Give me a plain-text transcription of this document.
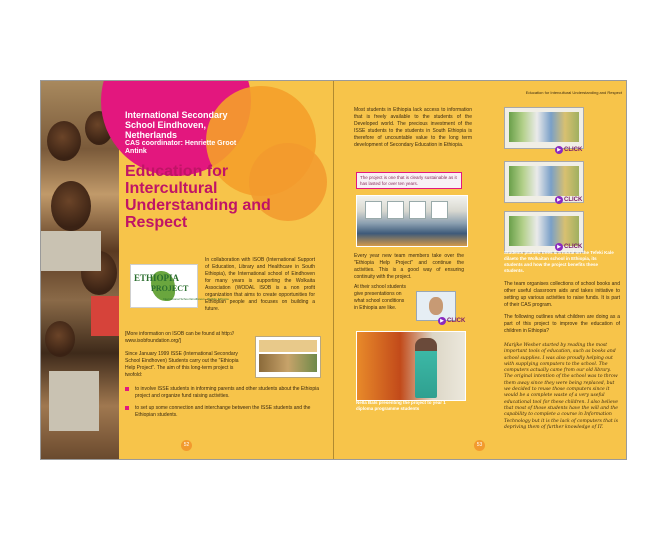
International Secondary School Eindhoven, Netherlands
CAS coordinator: Henriette Groot Antink
Education for Intercultural Understanding and Respect
ETHIOPIA
PROJECT
International School Eindhoven · Wolkite Ethiopia
In collaboration with ISOB (International Support of Education, Library and Healthcare in South Ethiopia), the International school of Eindhoven for many years is supporting the Wolkaita Association (WODAL ISOB is a non profit organization that aims to create opportunities for Ethiopian people and focuses on building a future.
[More information on ISOB can be found at http:// www.isobfoundation.org/]
Since January 1999 ISSE (International Secondary School Eindhoven) Students carry out the "Ethiopia Help Project". The aim of this long-term project is twofold:
to involve ISSE students in informing parents and other students about the Ethiopia project and organize fund raising activities.
to set up some connection and interchange between the ISSE students and the Ethiopian students.
52
Education for Intercultural Understanding and Respect
Most students in Ethiopia lack access to information that is freely available to the students of the Developed world. The precious investment of the ISSE students to the students in South Ethiopia is therefore of uncountable value to the long term development of Secondary Education in Ethiopia.
The project is one that is clearly sustainable as it has lasted for over ten years.
Every year new team members take over the "Ethiopia Help Project" and continue the activities. This is a good way of ensuring continuity with the project.
At their school students give presentations on what school conditions in Ethiopia are like.
▶ CLICK
Nella Bals presenting the project to year 1 diploma programme students
▶ CLICK
▶ CLICK
▶ CLICK
Students planted trees & a mural on the Tefeki Kale dilaeto the Wolkaitan school in Ethiopia, its students and how the project benefits these students.
The team organises collections of school books and other useful classroom aids and takes initiative to setting up various activities to raise funds. It is part of their CAS program.
The following outlines what children are doing as a part of this project to improve the education of children in Ethiopia?
Marijke Wesher started by reading the most important tools of education, such as books and school supplies. I was also proudly helping out with supplying computers to the school. The computers actually came from our old library. The original intention of the school was to throw them away since they were being replaced, but we decided to reuse those computers since it would be a complete waste of a very useful educational tool for these children. I also believe that most of those students have the will and the capability to complete a course in Information Technology but it is the lack of computers that is depriving them of further knowledge of IT.
53
